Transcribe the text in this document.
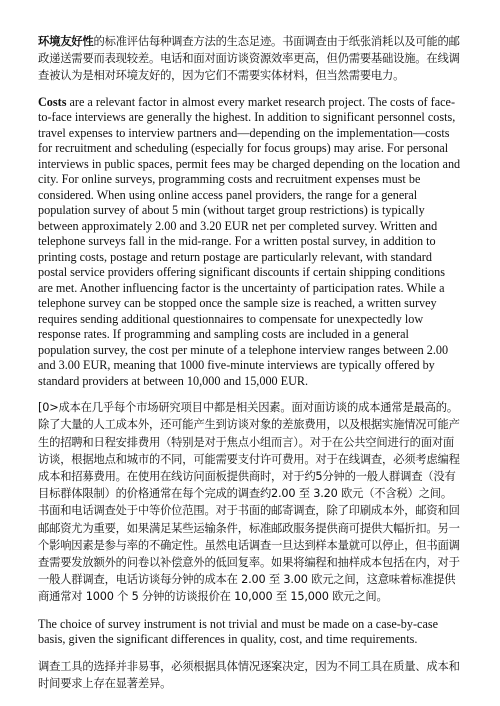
环境友好性的标准评估每种调查方法的生态足迹。书面调查由于纸张消耗以及可能的邮政递送需要而表现较差。电话和面对面访谈资源效率更高，但仍需要基础设施。在线调查被认为是相对环境友好的，因为它们不需要实体材料，但当然需要电力。

Costs are a relevant factor in almost every market research project. The costs of face-to-face interviews are generally the highest. In addition to significant personnel costs, travel expenses to interview partners and—depending on the implementation—costs for recruitment and scheduling (especially for focus groups) may arise. For personal interviews in public spaces, permit fees may be charged depending on the location and city. For online surveys, programming costs and recruitment expenses must be considered. When using online access panel providers, the range for a general population survey of about 5 min (without target group restrictions) is typically between approximately 2.00 and 3.20 EUR net per completed survey. Written and telephone surveys fall in the mid-range. For a written postal survey, in addition to printing costs, postage and return postage are particularly relevant, with standard postal service providers offering significant discounts if certain shipping conditions are met. Another influencing factor is the uncertainty of participation rates. While a telephone survey can be stopped once the sample size is reached, a written survey requires sending additional questionnaires to compensate for unexpectedly low response rates. If programming and sampling costs are included in a general population survey, the cost per minute of a telephone interview ranges between 2.00 and 3.00 EUR, meaning that 1000 five-minute interviews are typically offered by standard providers at between 10,000 and 15,000 EUR.

[0>成本在几乎每个市场研究项目中都是相关因素。面对面访谈的成本通常是最高的。除了大量的人工成本外，还可能产生到访谈对象的差旅费用，以及根据实施情况可能产生的招聘和日程安排费用（特别是对于焦点小组而言）。对于在公共空间进行的面对面访谈，根据地点和城市的不同，可能需要支付许可费用。对于在线调查，必须考虑编程成本和招募费用。在使用在线访问面板提供商时，对于约5分钟的一般人群调查（没有目标群体限制）的价格通常在每个完成的调查约2.00 至 3.20 欧元（不含税）之间。书面和电话调查处于中等价位范围。对于书面的邮寄调查，除了印刷成本外，邮资和回邮邮资尤为重要，如果满足某些运输条件，标准邮政服务提供商可提供大幅折扣。另一个影响因素是参与率的不确定性。虽然电话调查一旦达到样本量就可以停止，但书面调查需要发放额外的问卷以补偿意外的低回复率。如果将编程和抽样成本包括在内，对于一般人群调查，电话访谈每分钟的成本在 2.00 至 3.00 欧元之间，这意味着标准提供商通常对 1000 个 5 分钟的访谈报价在 10,000 至 15,000 欧元之间。

The choice of survey instrument is not trivial and must be made on a case-by-case basis, given the significant differences in quality, cost, and time requirements.

调查工具的选择并非易事，必须根据具体情况逐案决定，因为不同工具在质量、成本和时间要求上存在显著差异。
